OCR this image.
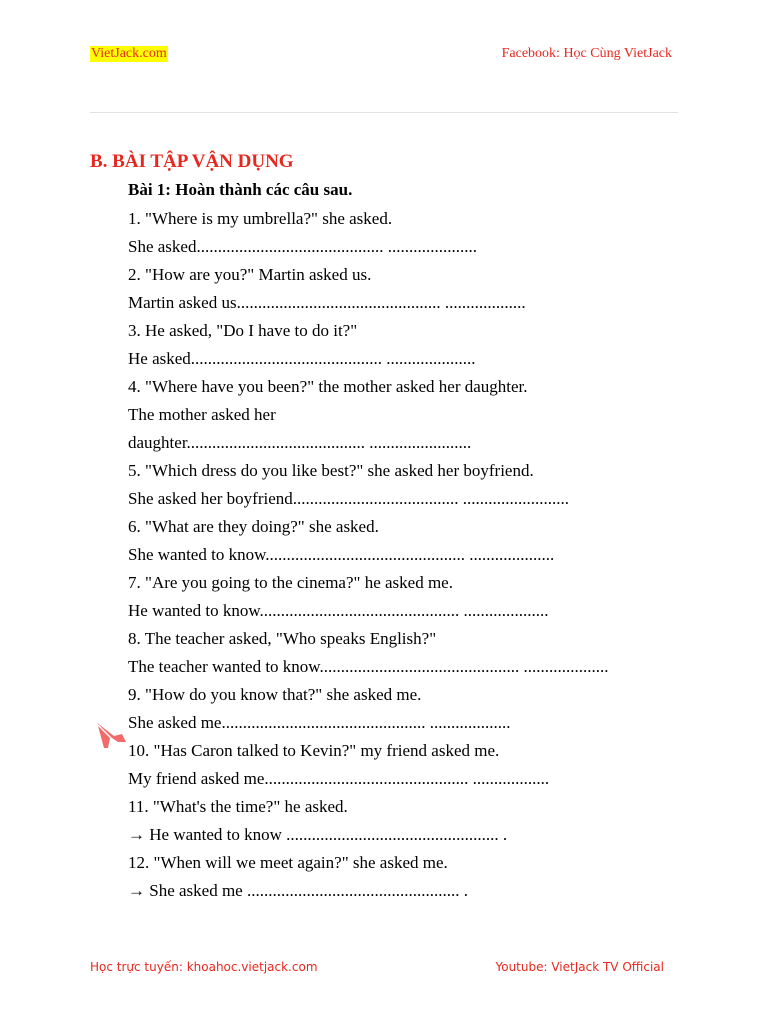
VietJack.com	Facebook: Học Cùng VietJack
B. BÀI TẬP VẬN DỤNG
Bài 1: Hoàn thành các câu sau.
1. "Where is my umbrella?" she asked.
She asked............................................ .....................
2. "How are you?" Martin asked us.
Martin asked us................................................ ...................
3. He asked, "Do I have to do it?"
He asked............................................. .....................
4. "Where have you been?" the mother asked her daughter.
The mother asked her
daughter.......................................... ........................
5. "Which dress do you like best?" she asked her boyfriend.
She asked her boyfriend....................................... .........................
6. "What are they doing?" she asked.
She wanted to know............................................... ....................
7. "Are you going to the cinema?" he asked me.
He wanted to know............................................... ....................
8. The teacher asked, "Who speaks English?"
The teacher wanted to know............................................... ....................
9. "How do you know that?" she asked me.
She asked me................................................ ...................
10. "Has Caron talked to Kevin?" my friend asked me.
My friend asked me................................................ ..................
11. "What's the time?" he asked.
→ He wanted to know .................................................. .
12. "When will we meet again?" she asked me.
→ She asked me .................................................. .
Học trực tuyến: khoahoc.vietjack.com	Youtube: VietJack TV Official
